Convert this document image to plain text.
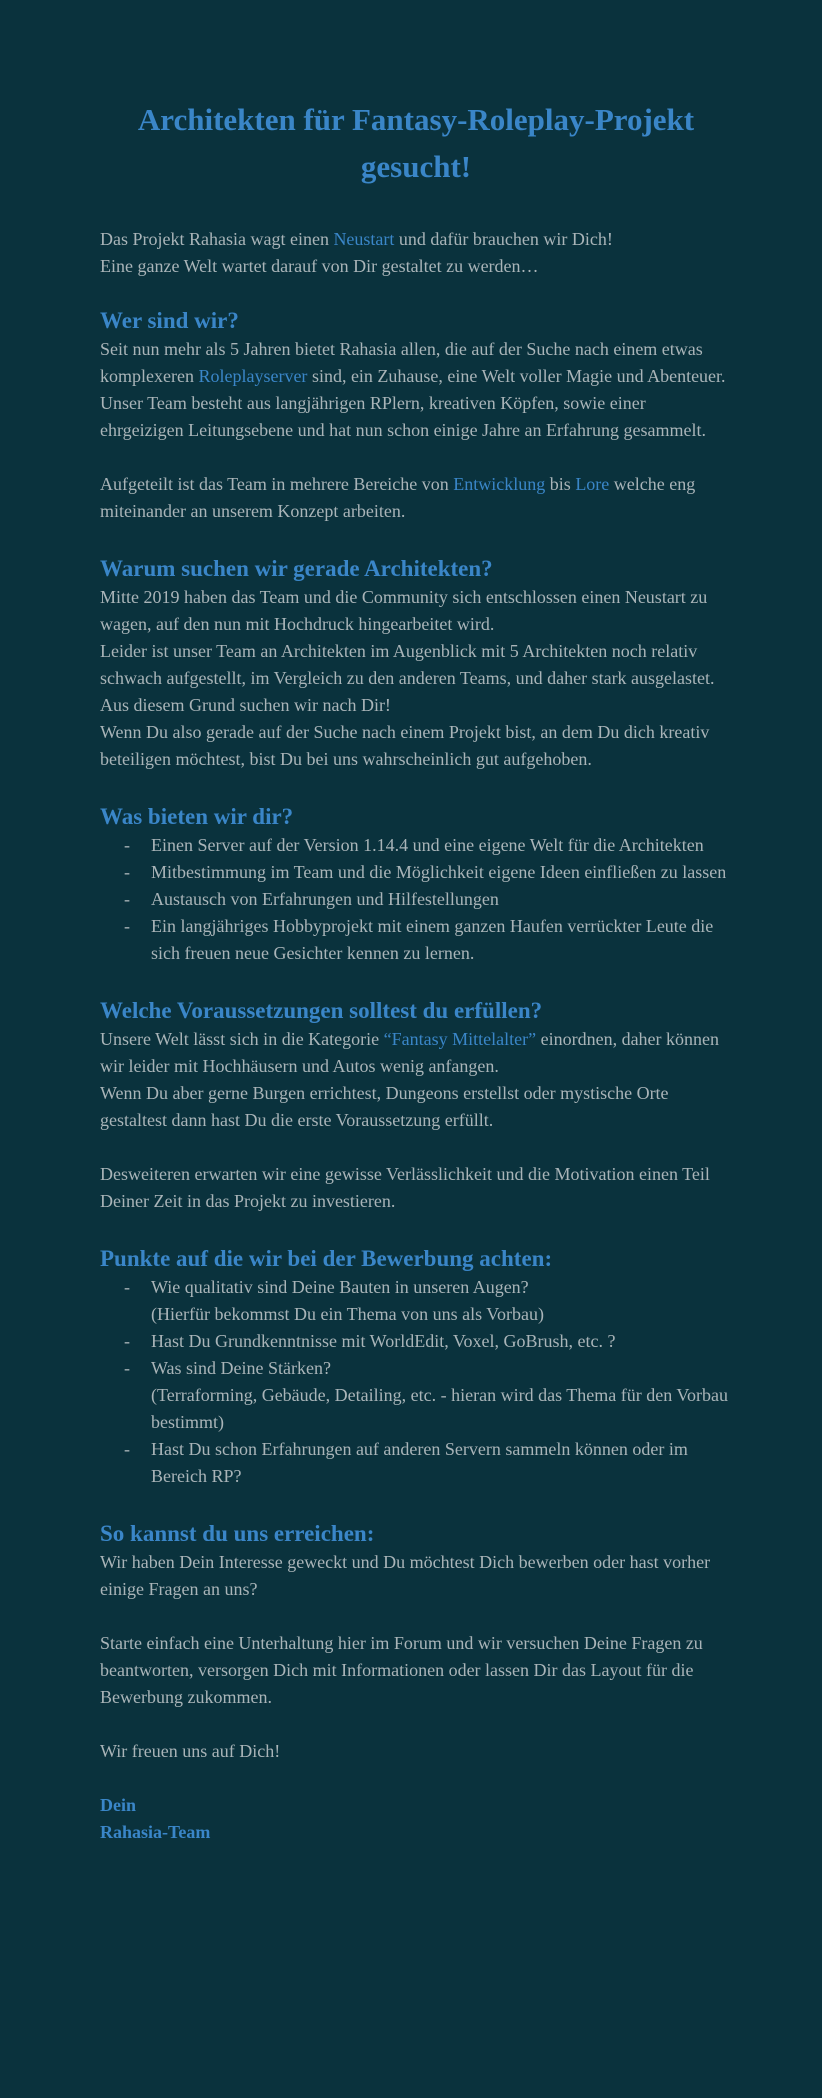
Architekten für Fantasy-Roleplay-Projekt gesucht!

Das Projekt Rahasia wagt einen Neustart und dafür brauchen wir Dich!

Eine ganze Welt wartet darauf von Dir gestaltet zu werden…

Wer sind wir?

Seit nun mehr als 5 Jahren bietet Rahasia allen, die auf der Suche nach einem etwas komplexeren Roleplayserver sind, ein Zuhause, eine Welt voller Magie und Abenteuer.

Unser Team besteht aus langjährigen RPlern, kreativen Köpfen, sowie einer ehrgeizigen Leitungsebene und hat nun schon einige Jahre an Erfahrung gesammelt.

Aufgeteilt ist das Team in mehrere Bereiche von Entwicklung bis Lore welche eng miteinander an unserem Konzept arbeiten.

Warum suchen wir gerade Architekten?

Mitte 2019 haben das Team und die Community sich entschlossen einen Neustart zu wagen, auf den nun mit Hochdruck hingearbeitet wird.

Leider ist unser Team an Architekten im Augenblick mit 5 Architekten noch relativ schwach aufgestellt, im Vergleich zu den anderen Teams, und daher stark ausgelastet. Aus diesem Grund suchen wir nach Dir!

Wenn Du also gerade auf der Suche nach einem Projekt bist, an dem Du dich kreativ beteiligen möchtest, bist Du bei uns wahrscheinlich gut aufgehoben.

Was bieten wir dir?
- Einen Server auf der Version 1.14.4 und eine eigene Welt für die Architekten
- Mitbestimmung im Team und die Möglichkeit eigene Ideen einfließen zu lassen
- Austausch von Erfahrungen und Hilfestellungen
- Ein langjähriges Hobbyprojekt mit einem ganzen Haufen verrückter Leute die sich freuen neue Gesichter kennen zu lernen.
Welche Voraussetzungen solltest du erfüllen?

Unsere Welt lässt sich in die Kategorie “Fantasy Mittelalter” einordnen, daher können wir leider mit Hochhäusern und Autos wenig anfangen.

Wenn Du aber gerne Burgen errichtest, Dungeons erstellst oder mystische Orte gestaltest dann hast Du die erste Voraussetzung erfüllt.

Desweiteren erwarten wir eine gewisse Verlässlichkeit und die Motivation einen Teil Deiner Zeit in das Projekt zu investieren.

Punkte auf die wir bei der Bewerbung achten:
- Wie qualitativ sind Deine Bauten in unseren Augen?
(Hierfür bekommst Du ein Thema von uns als Vorbau)
- Hast Du Grundkenntnisse mit WorldEdit, Voxel, GoBrush, etc. ?
- Was sind Deine Stärken?
(Terraforming, Gebäude, Detailing, etc. - hieran wird das Thema für den Vorbau bestimmt)
- Hast Du schon Erfahrungen auf anderen Servern sammeln können oder im Bereich RP?
So kannst du uns erreichen:

Wir haben Dein Interesse geweckt und Du möchtest Dich bewerben oder hast vorher einige Fragen an uns?

Starte einfach eine Unterhaltung hier im Forum und wir versuchen Deine Fragen zu beantworten, versorgen Dich mit Informationen oder lassen Dir das Layout für die Bewerbung zukommen.

Wir freuen uns auf Dich!

Dein
Rahasia-Team
